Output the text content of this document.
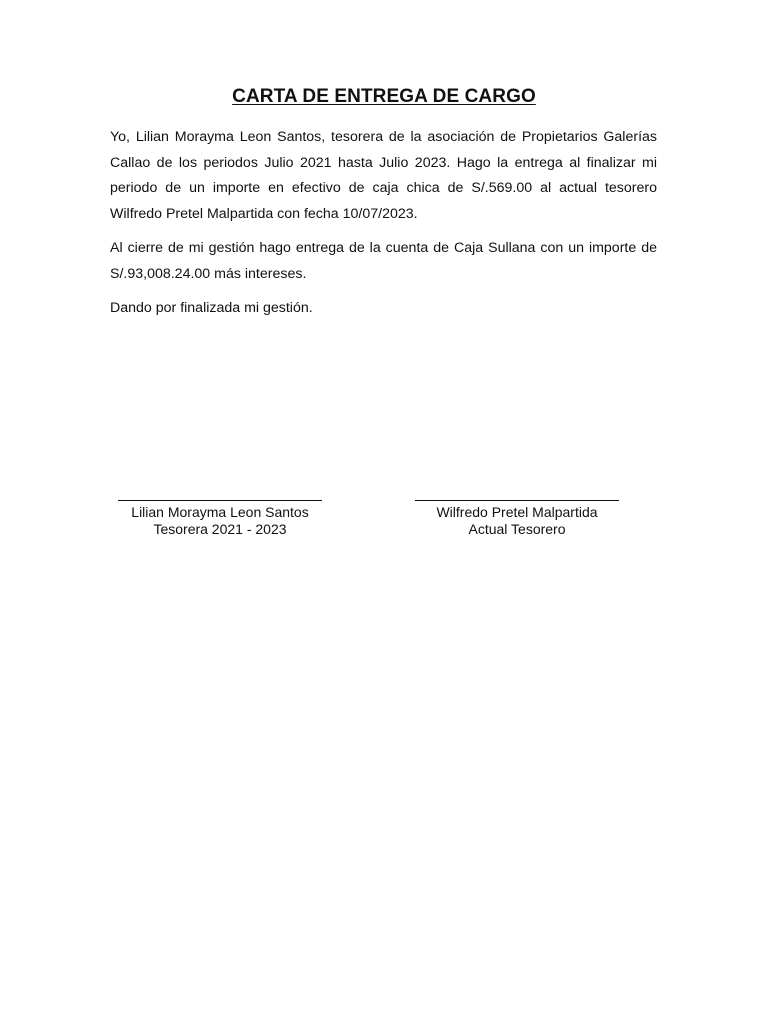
CARTA DE ENTREGA DE CARGO

Yo, Lilian Morayma Leon Santos, tesorera de la asociación de Propietarios Galerías Callao de los periodos Julio 2021 hasta Julio 2023. Hago la entrega al finalizar mi periodo de un importe en efectivo de caja chica de S/.569.00 al actual tesorero Wilfredo Pretel Malpartida con fecha 10/07/2023.

Al cierre de mi gestión hago entrega de la cuenta de Caja Sullana con un importe de S/.93,008.24.00 más intereses.

Dando por finalizada mi gestión.

Lilian Morayma Leon Santos
Tesorera 2021 - 2023
Wilfredo Pretel Malpartida
Actual Tesorero
